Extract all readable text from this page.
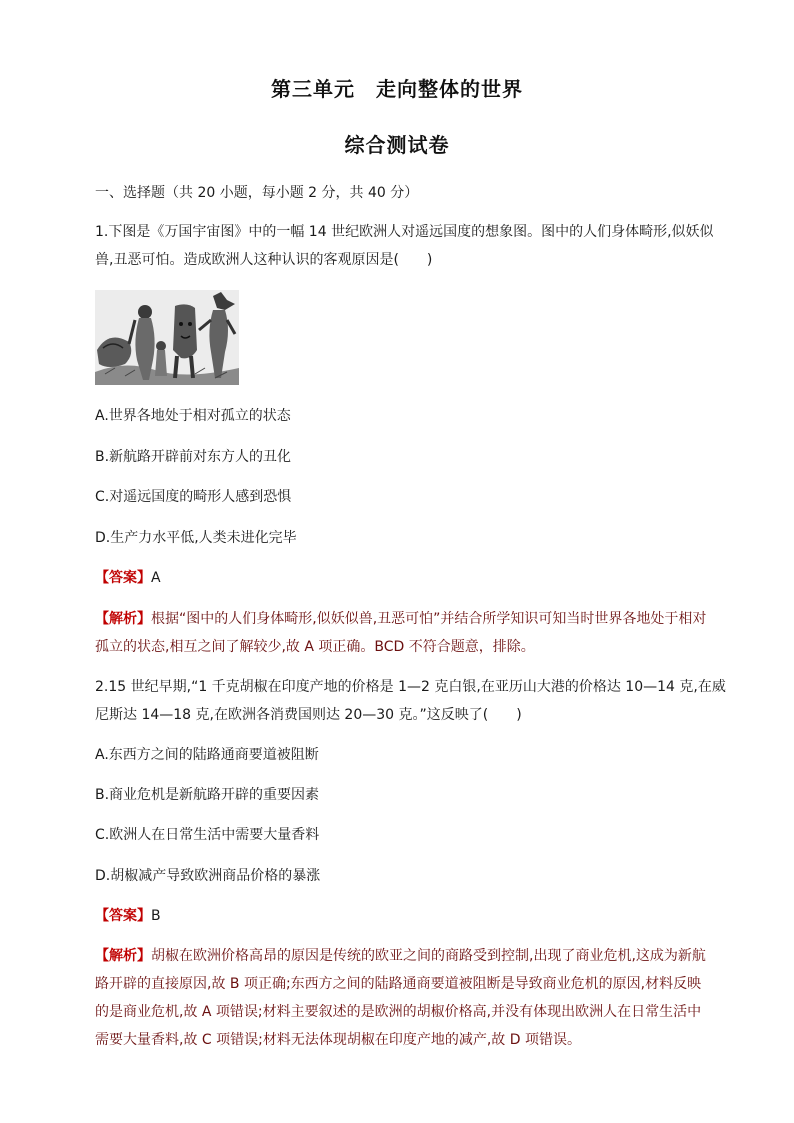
第三单元　走向整体的世界
综合测试卷
一、选择题（共 20 小题，每小题 2 分，共 40 分）
1.下图是《万国宇宙图》中的一幅 14 世纪欧洲人对遥远国度的想象图。图中的人们身体畸形,似妖似
兽,丑恶可怕。造成欧洲人这种认识的客观原因是(　　)
A.世界各地处于相对孤立的状态
B.新航路开辟前对东方人的丑化
C.对遥远国度的畸形人感到恐惧
D.生产力水平低,人类未进化完毕
【答案】A
【解析】根据“图中的人们身体畸形,似妖似兽,丑恶可怕”并结合所学知识可知当时世界各地处于相对
孤立的状态,相互之间了解较少,故 A 项正确。BCD 不符合题意，排除。
2.15 世纪早期,“1 千克胡椒在印度产地的价格是 1—2 克白银,在亚历山大港的价格达 10—14 克,在威
尼斯达 14—18 克,在欧洲各消费国则达 20—30 克。”这反映了(　　)
A.东西方之间的陆路通商要道被阻断
B.商业危机是新航路开辟的重要因素
C.欧洲人在日常生活中需要大量香料
D.胡椒减产导致欧洲商品价格的暴涨
【答案】B
【解析】胡椒在欧洲价格高昂的原因是传统的欧亚之间的商路受到控制,出现了商业危机,这成为新航
路开辟的直接原因,故 B 项正确;东西方之间的陆路通商要道被阻断是导致商业危机的原因,材料反映
的是商业危机,故 A 项错误;材料主要叙述的是欧洲的胡椒价格高,并没有体现出欧洲人在日常生活中
需要大量香料,故 C 项错误;材料无法体现胡椒在印度产地的减产,故 D 项错误。
